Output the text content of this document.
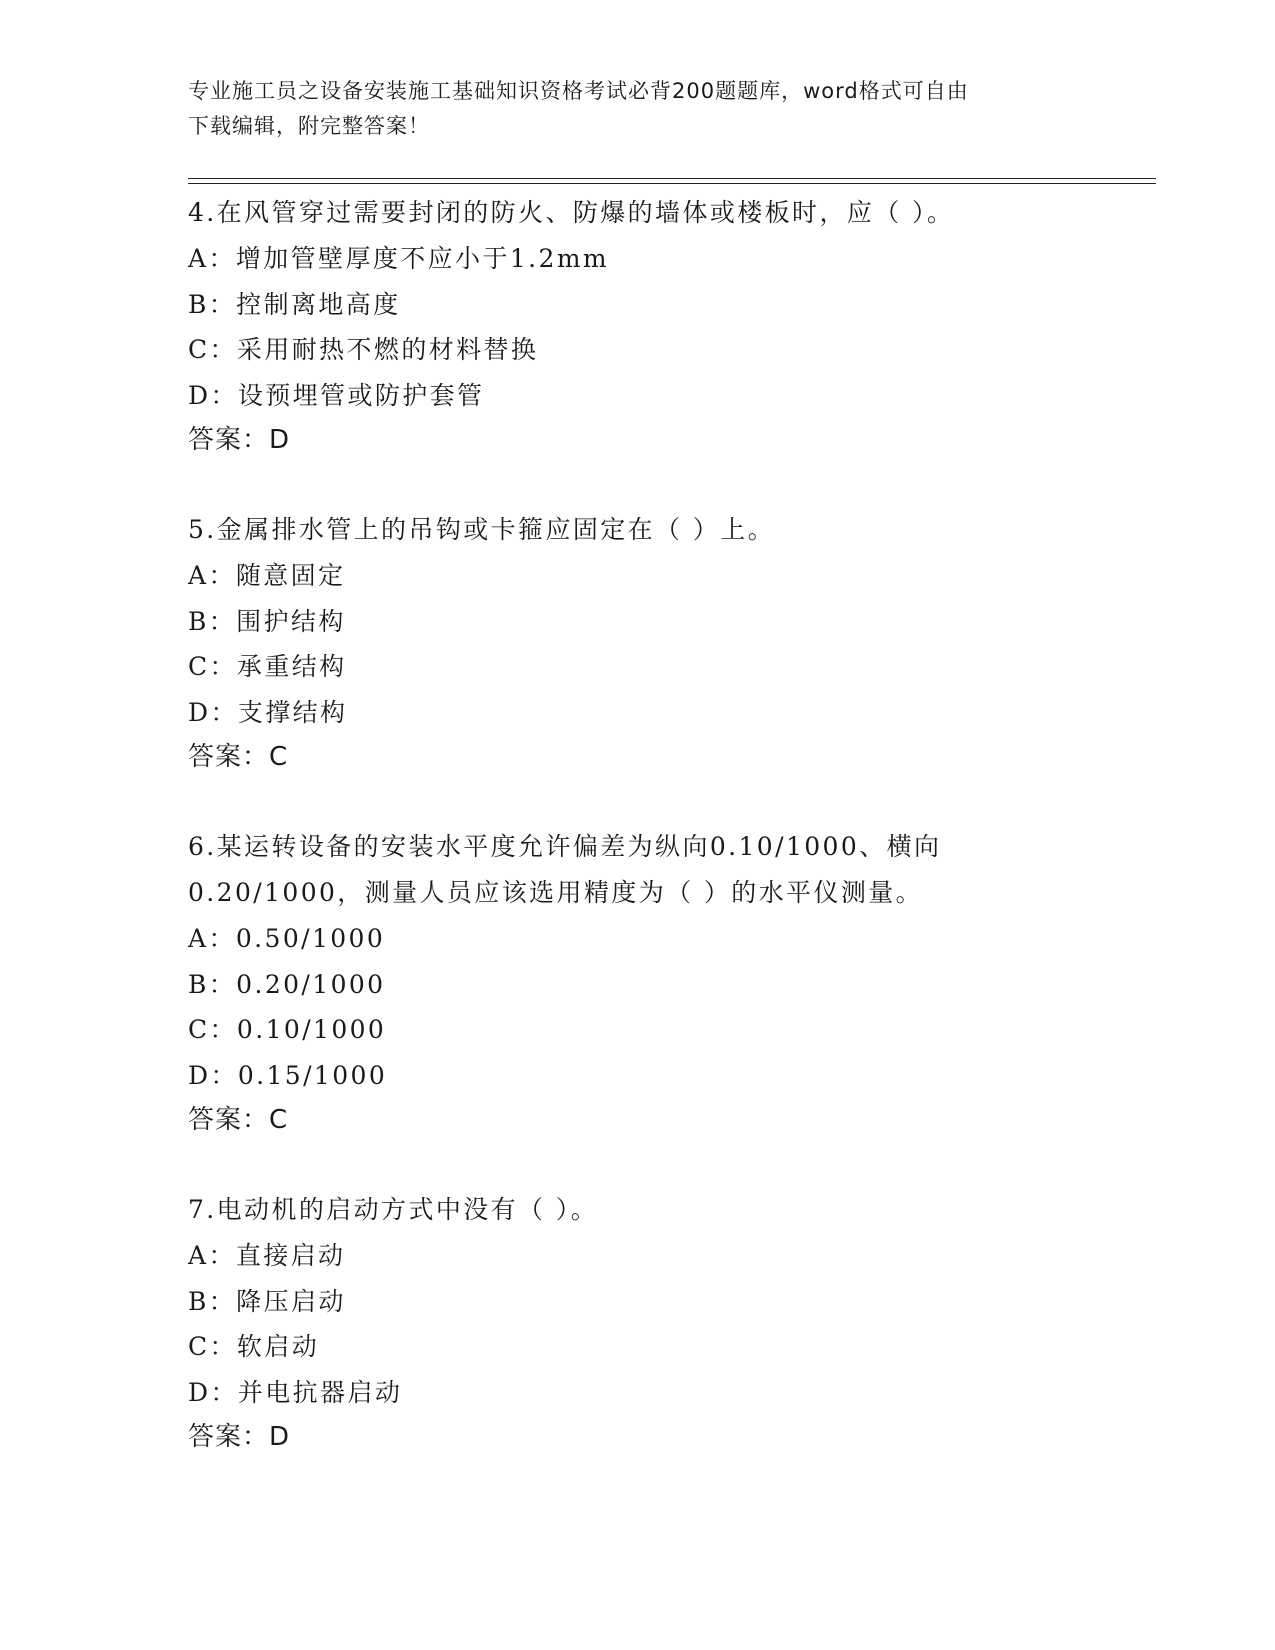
专业施工员之设备安装施工基础知识资格考试必背200题题库，word格式可自由
下载编辑，附完整答案！
4.在风管穿过需要封闭的防火、防爆的墙体或楼板时，应（ ）。
A：增加管壁厚度不应小于1.2mm
B：控制离地高度
C：采用耐热不燃的材料替换
D：设预埋管或防护套管
答案：D
5.金属排水管上的吊钩或卡箍应固定在（ ）上。
A：随意固定
B：围护结构
C：承重结构
D：支撑结构
答案：C
6.某运转设备的安装水平度允许偏差为纵向0.10/1000、横向
0.20/1000，测量人员应该选用精度为（ ）的水平仪测量。
A：0.50/1000
B：0.20/1000
C：0.10/1000
D：0.15/1000
答案：C
7.电动机的启动方式中没有（ ）。
A：直接启动
B：降压启动
C：软启动
D：并电抗器启动
答案：D
